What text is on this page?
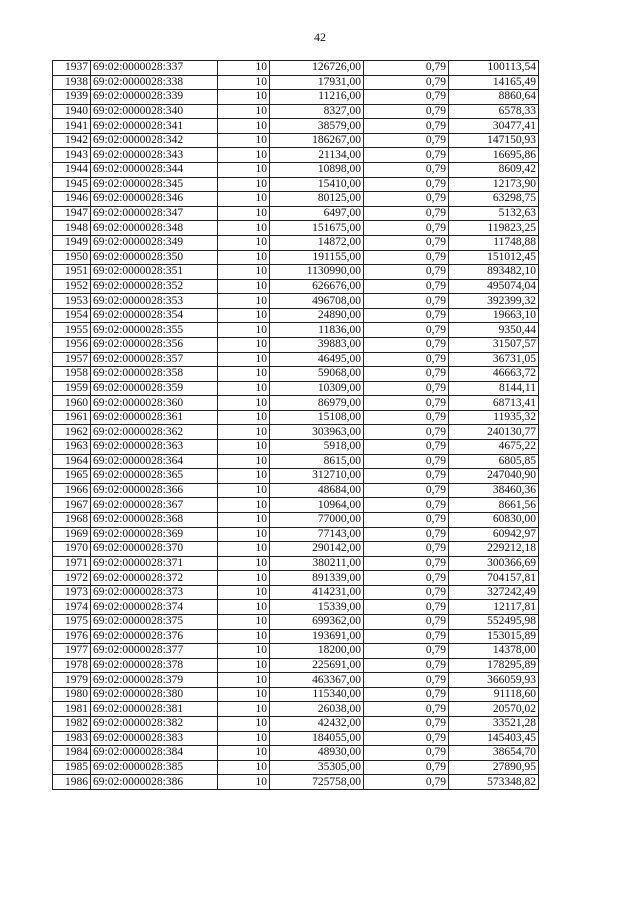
42
1937	69:02:0000028:337	10	126726,00	0,79	100113,54
1938	69:02:0000028:338	10	17931,00	0,79	14165,49
1939	69:02:0000028:339	10	11216,00	0,79	8860,64
1940	69:02:0000028:340	10	8327,00	0,79	6578,33
1941	69:02:0000028:341	10	38579,00	0,79	30477,41
1942	69:02:0000028:342	10	186267,00	0,79	147150,93
1943	69:02:0000028:343	10	21134,00	0,79	16695,86
1944	69:02:0000028:344	10	10898,00	0,79	8609,42
1945	69:02:0000028:345	10	15410,00	0,79	12173,90
1946	69:02:0000028:346	10	80125,00	0,79	63298,75
1947	69:02:0000028:347	10	6497,00	0,79	5132,63
1948	69:02:0000028:348	10	151675,00	0,79	119823,25
1949	69:02:0000028:349	10	14872,00	0,79	11748,88
1950	69:02:0000028:350	10	191155,00	0,79	151012,45
1951	69:02:0000028:351	10	1130990,00	0,79	893482,10
1952	69:02:0000028:352	10	626676,00	0,79	495074,04
1953	69:02:0000028:353	10	496708,00	0,79	392399,32
1954	69:02:0000028:354	10	24890,00	0,79	19663,10
1955	69:02:0000028:355	10	11836,00	0,79	9350,44
1956	69:02:0000028:356	10	39883,00	0,79	31507,57
1957	69:02:0000028:357	10	46495,00	0,79	36731,05
1958	69:02:0000028:358	10	59068,00	0,79	46663,72
1959	69:02:0000028:359	10	10309,00	0,79	8144,11
1960	69:02:0000028:360	10	86979,00	0,79	68713,41
1961	69:02:0000028:361	10	15108,00	0,79	11935,32
1962	69:02:0000028:362	10	303963,00	0,79	240130,77
1963	69:02:0000028:363	10	5918,00	0,79	4675,22
1964	69:02:0000028:364	10	8615,00	0,79	6805,85
1965	69:02:0000028:365	10	312710,00	0,79	247040,90
1966	69:02:0000028:366	10	48684,00	0,79	38460,36
1967	69:02:0000028:367	10	10964,00	0,79	8661,56
1968	69:02:0000028:368	10	77000,00	0,79	60830,00
1969	69:02:0000028:369	10	77143,00	0,79	60942,97
1970	69:02:0000028:370	10	290142,00	0,79	229212,18
1971	69:02:0000028:371	10	380211,00	0,79	300366,69
1972	69:02:0000028:372	10	891339,00	0,79	704157,81
1973	69:02:0000028:373	10	414231,00	0,79	327242,49
1974	69:02:0000028:374	10	15339,00	0,79	12117,81
1975	69:02:0000028:375	10	699362,00	0,79	552495,98
1976	69:02:0000028:376	10	193691,00	0,79	153015,89
1977	69:02:0000028:377	10	18200,00	0,79	14378,00
1978	69:02:0000028:378	10	225691,00	0,79	178295,89
1979	69:02:0000028:379	10	463367,00	0,79	366059,93
1980	69:02:0000028:380	10	115340,00	0,79	91118,60
1981	69:02:0000028:381	10	26038,00	0,79	20570,02
1982	69:02:0000028:382	10	42432,00	0,79	33521,28
1983	69:02:0000028:383	10	184055,00	0,79	145403,45
1984	69:02:0000028:384	10	48930,00	0,79	38654,70
1985	69:02:0000028:385	10	35305,00	0,79	27890,95
1986	69:02:0000028:386	10	725758,00	0,79	573348,82
